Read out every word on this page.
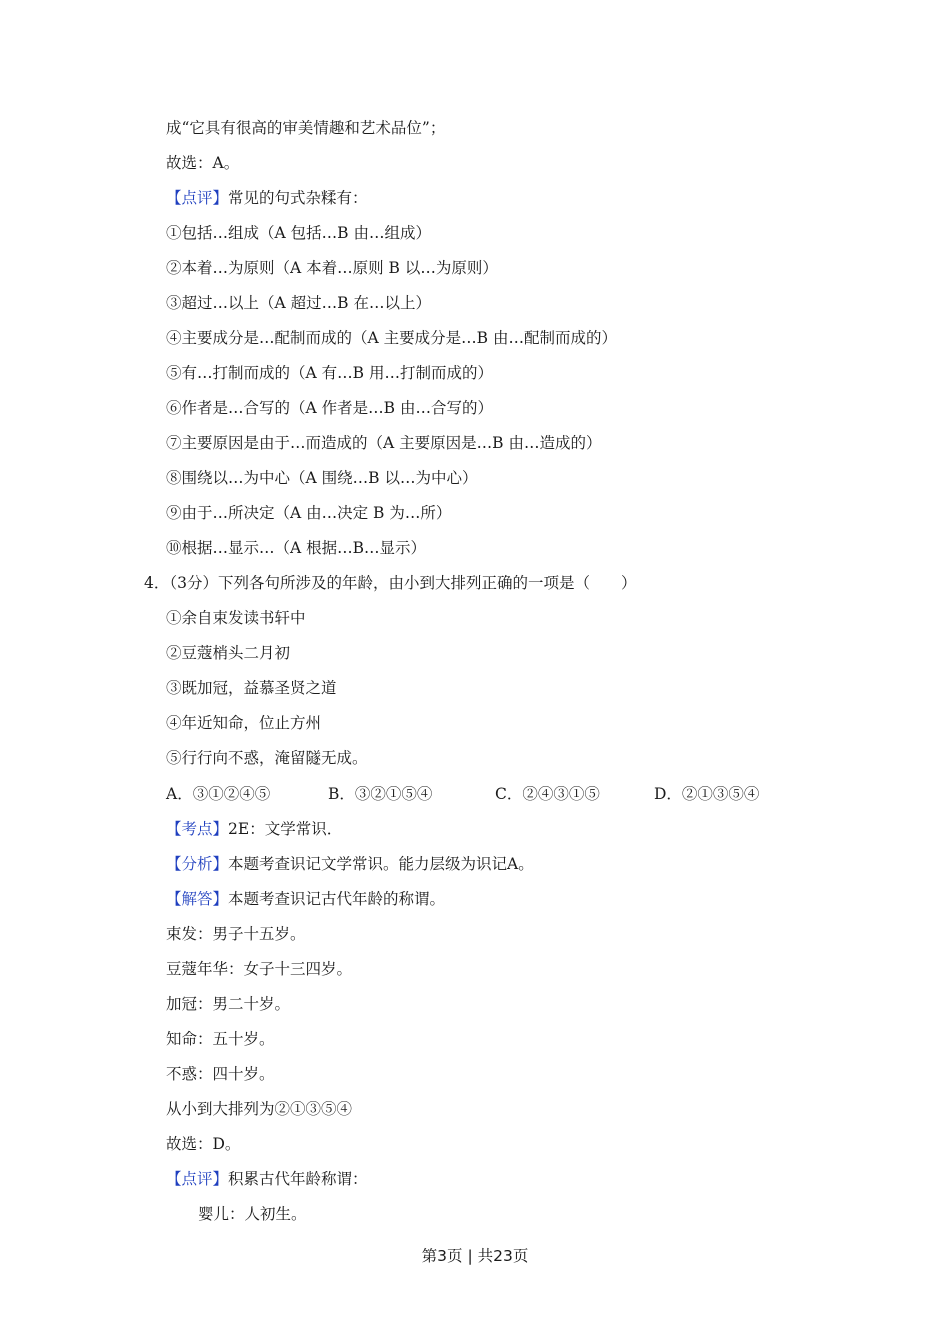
成“它具有很高的审美情趣和艺术品位”；
故选：A。
【点评】常见的句式杂糅有：
①包括…组成（A 包括…B 由…组成）
②本着…为原则（A 本着…原则 B 以…为原则）
③超过…以上（A 超过…B 在…以上）
④主要成分是…配制而成的（A 主要成分是…B 由…配制而成的）
⑤有…打制而成的（A 有…B 用…打制而成的）
⑥作者是…合写的（A 作者是…B 由…合写的）
⑦主要原因是由于…而造成的（A 主要原因是…B 由…造成的）
⑧围绕以…为中心（A 围绕…B 以…为中心）
⑨由于…所决定（A 由…决定 B 为…所）
⑩根据…显示…（A 根据…B…显示）
4．（3分）下列各句所涉及的年龄，由小到大排列正确的一项是（　　）
①余自束发读书轩中
②豆蔻梢头二月初
③既加冠，益慕圣贤之道
④年近知命，位止方州
⑤行行向不惑，淹留隧无成。
A．③①②④⑤	B．③②①⑤④	C．②④③①⑤	D．②①③⑤④
【考点】2E：文学常识．
【分析】本题考查识记文学常识。能力层级为识记A。
【解答】本题考查识记古代年龄的称谓。
束发：男子十五岁。
豆蔻年华：女子十三四岁。
加冠：男二十岁。
知命：五十岁。
不惑：四十岁。
从小到大排列为②①③⑤④
故选：D。
【点评】积累古代年龄称谓：
婴儿：人初生。
第3页 | 共23页
